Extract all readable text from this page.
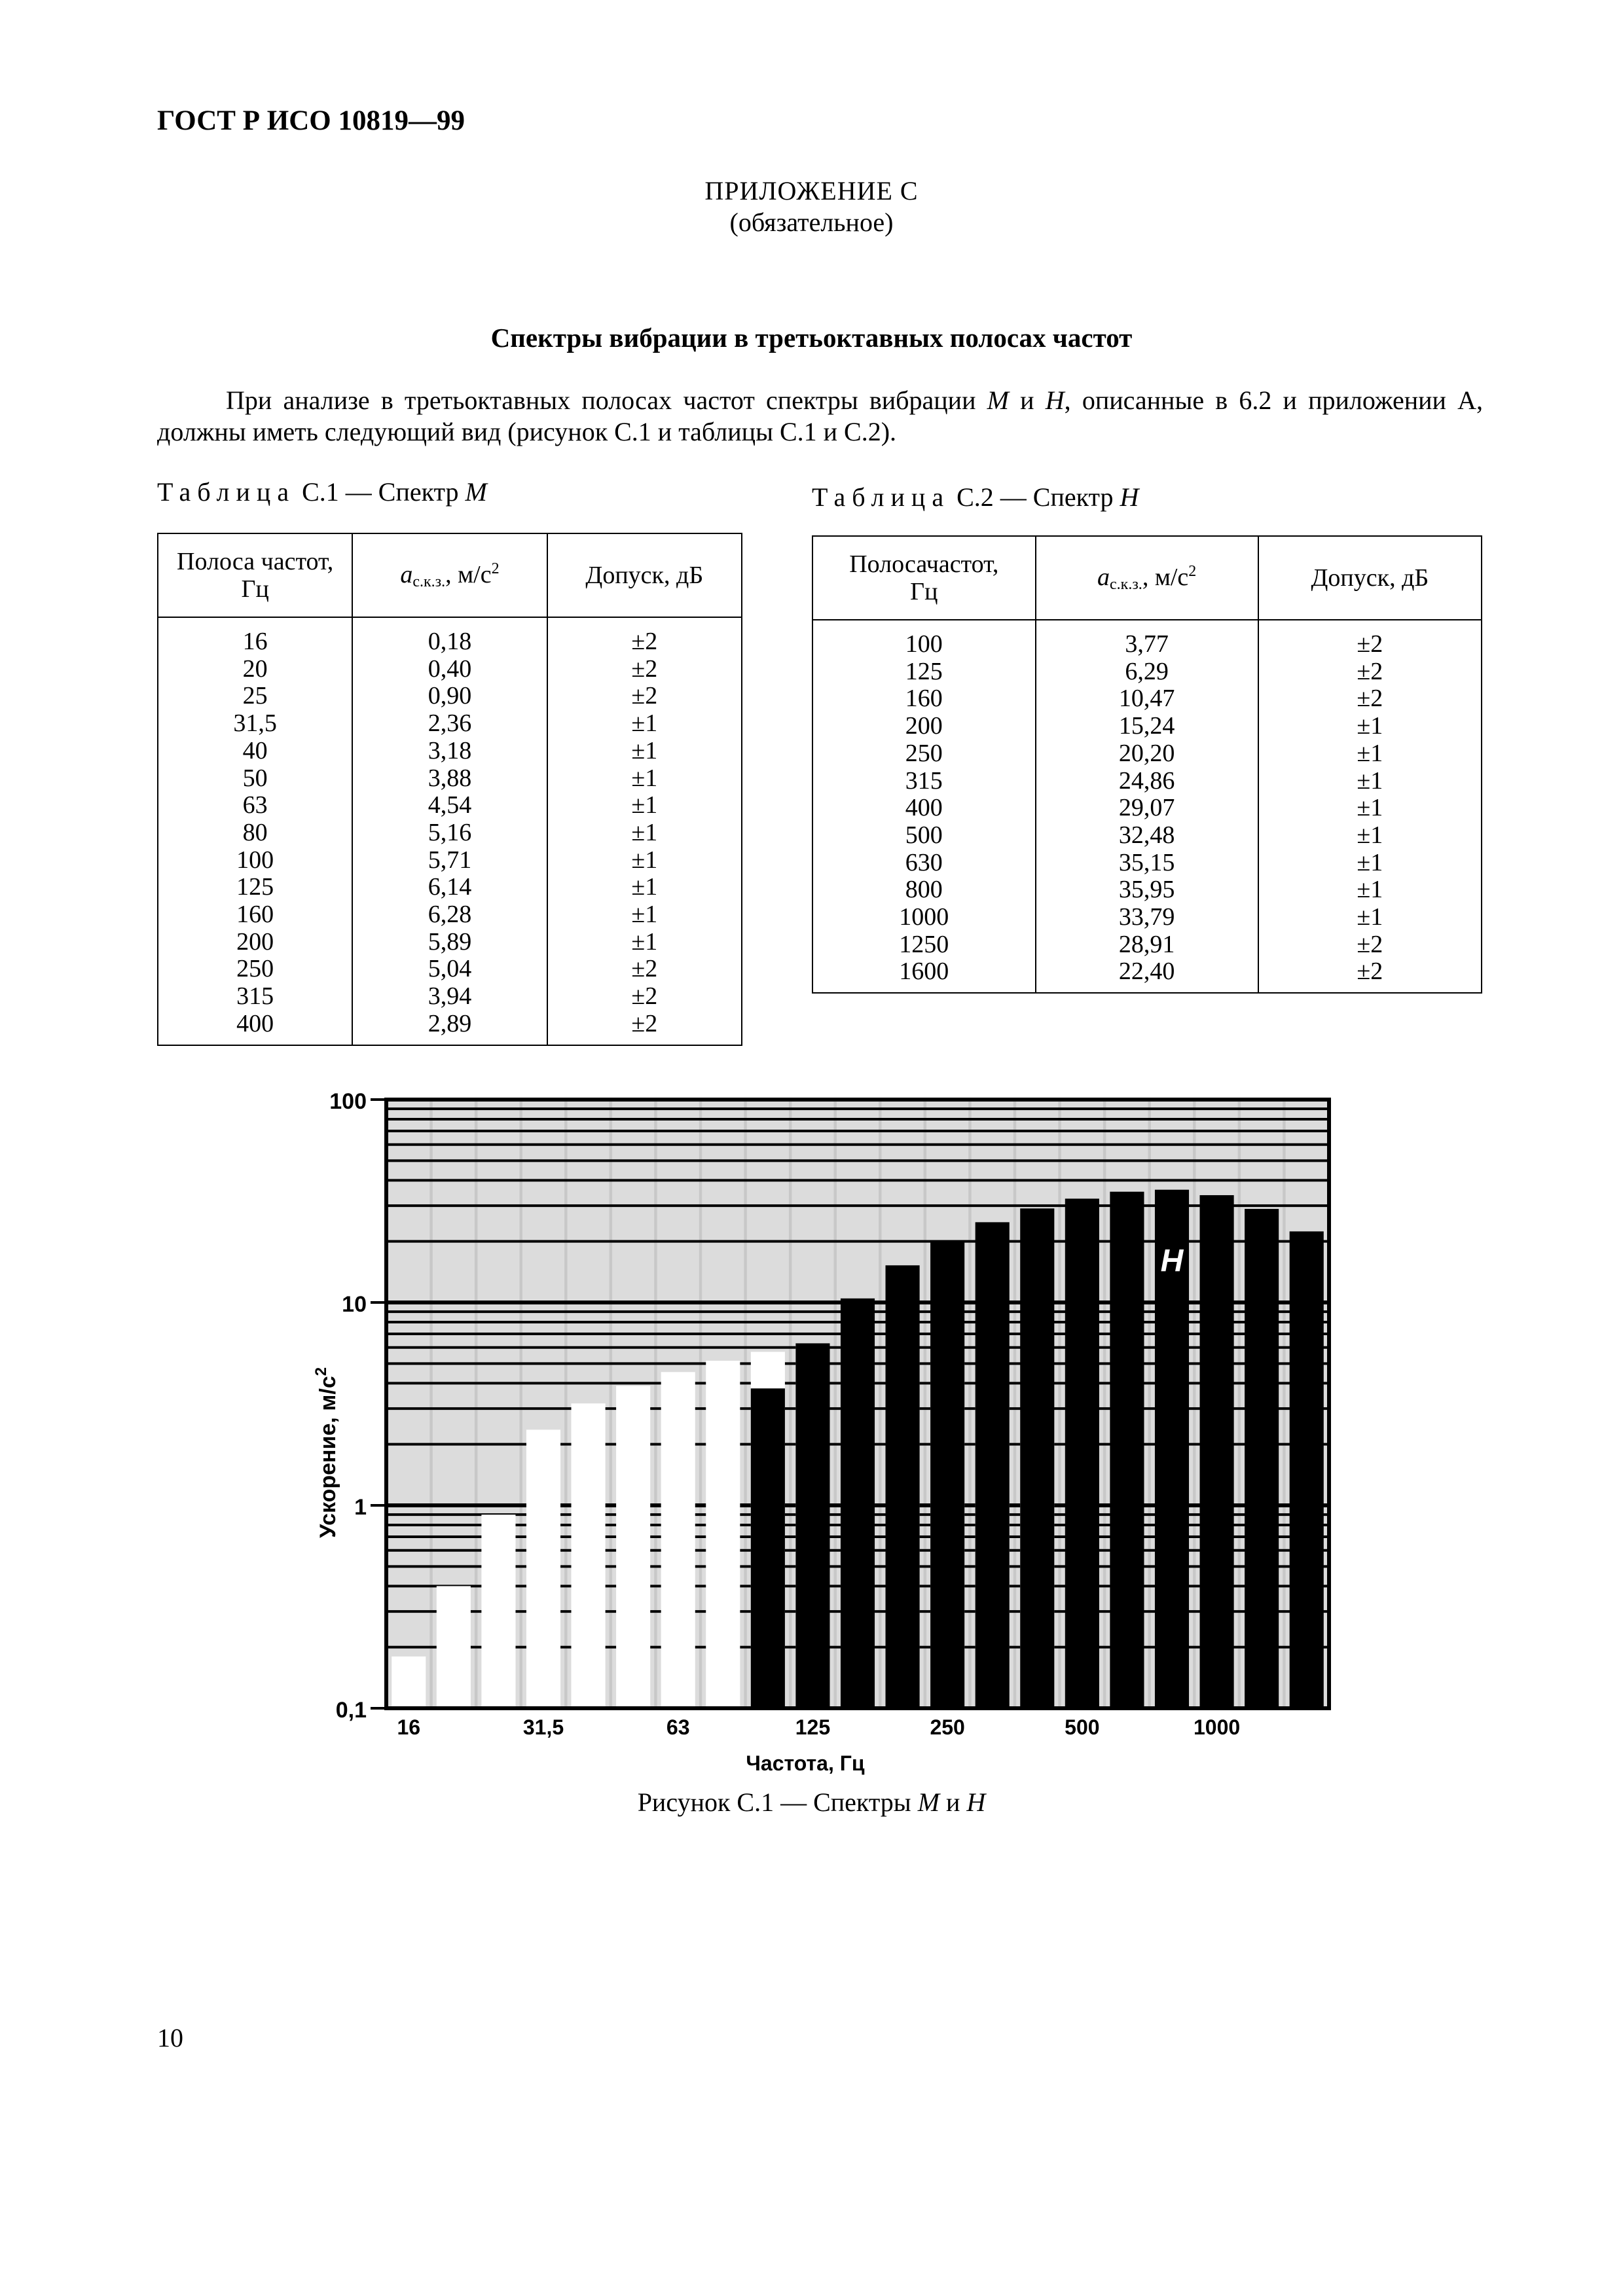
ГОСТ Р ИСО 10819—99
ПРИЛОЖЕНИЕ C
(обязательное)
Спектры вибрации в третьоктавных полосах частот
При анализе в третьоктавных полосах частот спектры вибрации M и H, описанные в 6.2 и приложении A, должны иметь следующий вид (рисунок C.1 и таблицы C.1 и C.2).
Таблица C.1 — Спектр M	Таблица C.2 — Спектр H
Полоса частот,
Гц	$a_{с.к.з.}$, $м/с^2$	Допуск, дБ
16	0,18	±2
20	0,40	±2
25	0,90	±2
31,5	2,36	±1
40	3,18	±1
50	3,88	±1
63	4,54	±1
80	5,16	±1
100	5,71	±1
125	6,14	±1
160	6,28	±1
200	5,89	±1
250	5,04	±2
315	3,94	±2
400	2,89	±2
Полосачастот,
Гц	$a_{с.к.з.}$, $м/с^2$	Допуск, дБ
100	3,77	±2
125	6,29	±2
160	10,47	±2
200	15,24	±1
250	20,20	±1
315	24,86	±1
400	29,07	±1
500	32,48	±1
630	35,15	±1
800	35,95	±1
1000	33,79	±1
1250	28,91	±2
1600	22,40	±2
M
H
100
10
1
0,1
16	31,5	63	125	250	500	1000
Частота, Гц
Ускорение, $м/с^2$
Рисунок C.1 — Спектры M и H
10
